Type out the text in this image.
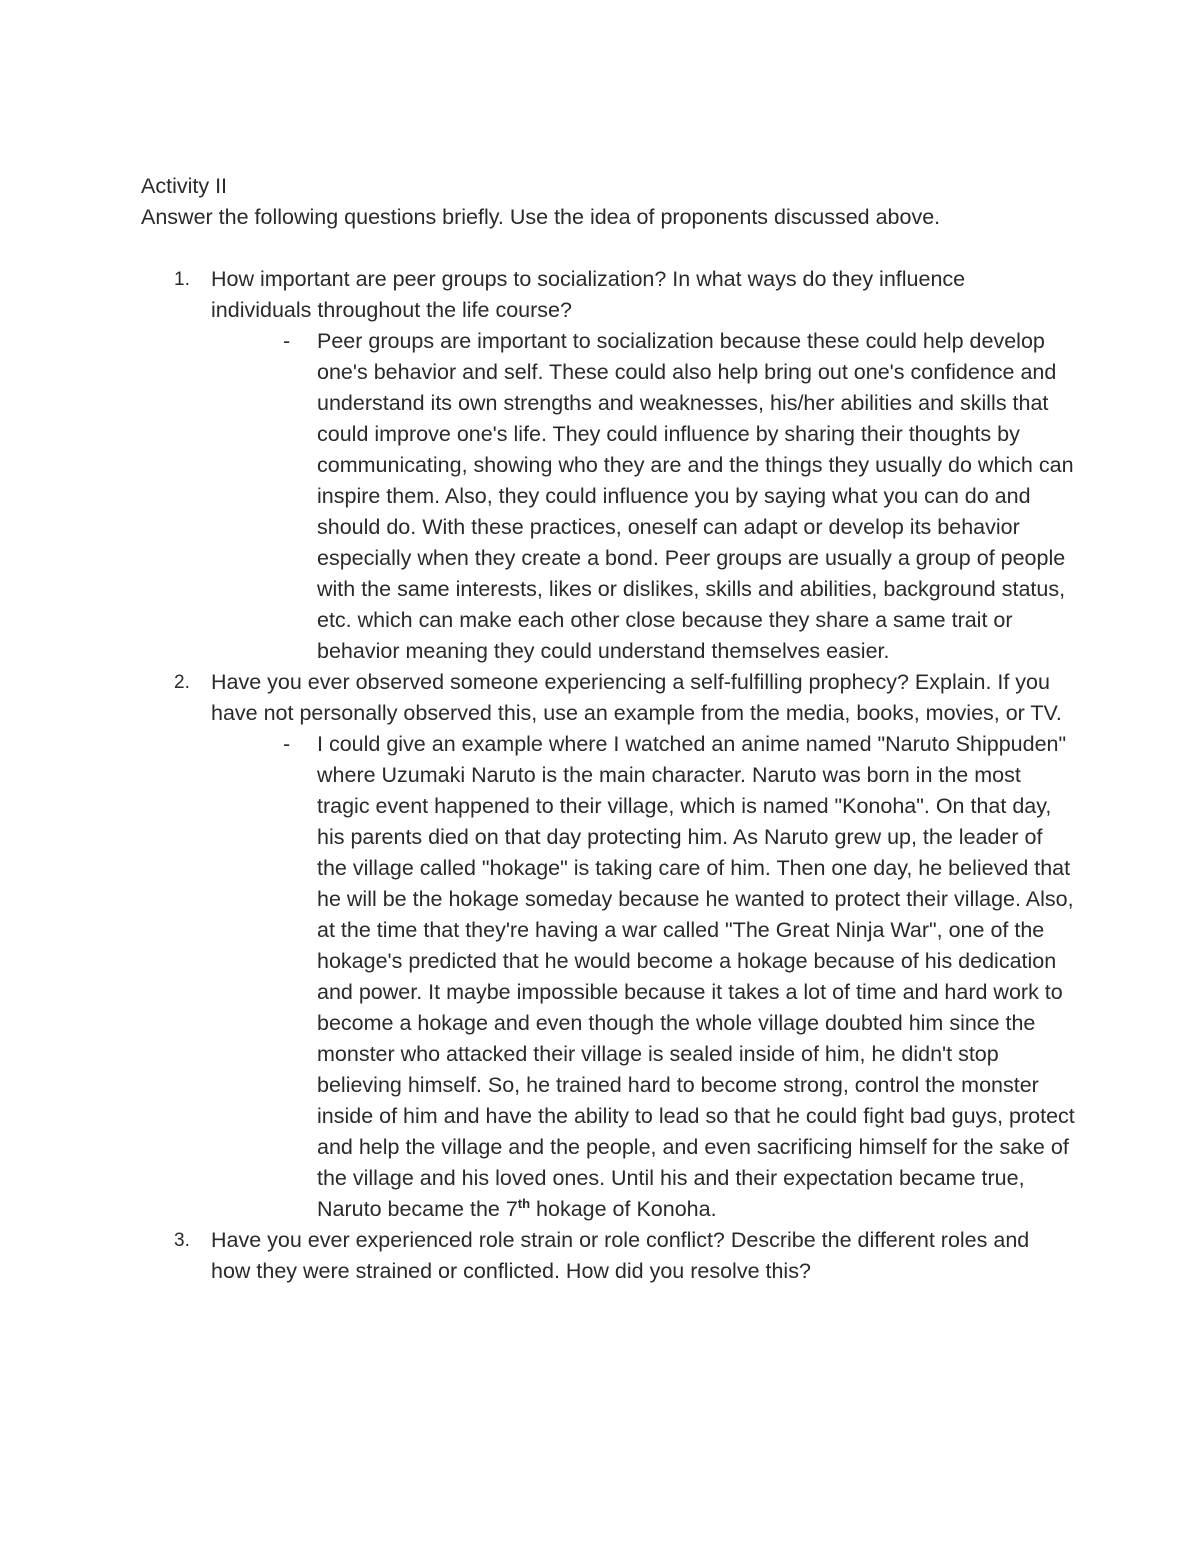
Activity II

Answer the following questions briefly. Use the idea of proponents discussed above.

1. How important are peer groups to socialization? In what ways do they influence individuals throughout the life course?
- Peer groups are important to socialization because these could help develop one's behavior and self. These could also help bring out one's confidence and understand its own strengths and weaknesses, his/her abilities and skills that could improve one's life. They could influence by sharing their thoughts by communicating, showing who they are and the things they usually do which can inspire them. Also, they could influence you by saying what you can do and should do. With these practices, oneself can adapt or develop its behavior especially when they create a bond. Peer groups are usually a group of people with the same interests, likes or dislikes, skills and abilities, background status, etc. which can make each other close because they share a same trait or behavior meaning they could understand themselves easier.
2. Have you ever observed someone experiencing a self-fulfilling prophecy? Explain. If you have not personally observed this, use an example from the media, books, movies, or TV.
- I could give an example where I watched an anime named "Naruto Shippuden" where Uzumaki Naruto is the main character. Naruto was born in the most tragic event happened to their village, which is named "Konoha". On that day, his parents died on that day protecting him. As Naruto grew up, the leader of the village called "hokage" is taking care of him. Then one day, he believed that he will be the hokage someday because he wanted to protect their village. Also, at the time that they're having a war called "The Great Ninja War", one of the hokage's predicted that he would become a hokage because of his dedication and power. It maybe impossible because it takes a lot of time and hard work to become a hokage and even though the whole village doubted him since the monster who attacked their village is sealed inside of him, he didn't stop believing himself. So, he trained hard to become strong, control the monster inside of him and have the ability to lead so that he could fight bad guys, protect and help the village and the people, and even sacrificing himself for the sake of the village and his loved ones. Until his and their expectation became true, Naruto became the 7th hokage of Konoha.
3. Have you ever experienced role strain or role conflict? Describe the different roles and how they were strained or conflicted. How did you resolve this?
